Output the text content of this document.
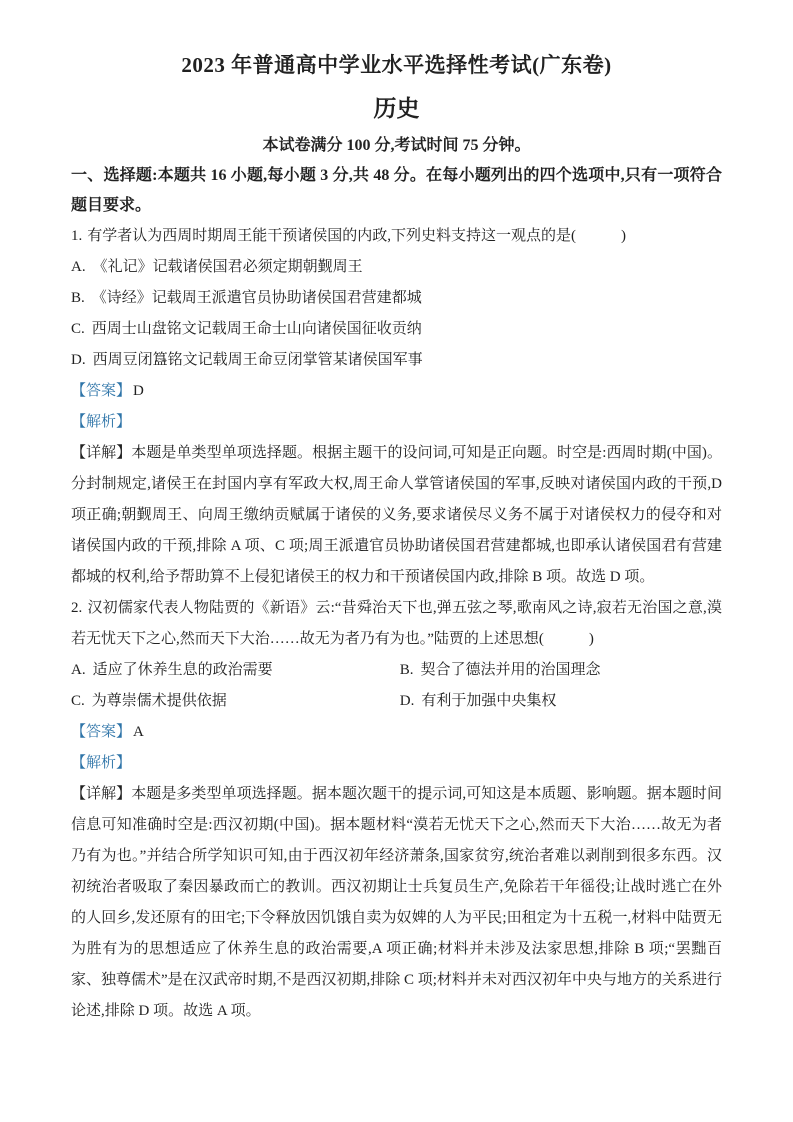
2023 年普通高中学业水平选择性考试(广东卷)
历史
本试卷满分 100 分,考试时间 75 分钟。
一、选择题:本题共 16 小题,每小题 3 分,共 48 分。在每小题列出的四个选项中,只有一项符合题目要求。

1. 有学者认为西周时期周王能干预诸侯国的内政,下列史料支持这一观点的是(　　　)

A. 《礼记》记载诸侯国君必须定期朝觐周王

B. 《诗经》记载周王派遣官员协助诸侯国君营建都城

C. 西周士山盘铭文记载周王命士山向诸侯国征收贡纳

D. 西周豆闭簋铭文记载周王命豆闭掌管某诸侯国军事

【答案】 D

【解析】

【详解】本题是单类型单项选择题。根据主题干的设问词,可知是正向题。时空是:西周时期(中国)。分封制规定,诸侯王在封国内享有军政大权,周王命人掌管诸侯国的军事,反映对诸侯国内政的干预,D 项正确;朝觐周王、向周王缴纳贡赋属于诸侯的义务,要求诸侯尽义务不属于对诸侯权力的侵夺和对诸侯国内政的干预,排除 A 项、C 项;周王派遣官员协助诸侯国君营建都城,也即承认诸侯国君有营建都城的权利,给予帮助算不上侵犯诸侯王的权力和干预诸侯国内政,排除 B 项。故选 D 项。

2. 汉初儒家代表人物陆贾的《新语》云:“昔舜治天下也,弹五弦之琴,歌南风之诗,寂若无治国之意,漠若无忧天下之心,然而天下大治……故无为者乃有为也。”陆贾的上述思想(　　　)

A. 适应了休养生息的政治需要	B. 契合了德法并用的治国理念

C. 为尊崇儒术提供依据	D. 有利于加强中央集权

【答案】 A

【解析】

【详解】本题是多类型单项选择题。据本题次题干的提示词,可知这是本质题、影响题。据本题时间信息可知准确时空是:西汉初期(中国)。据本题材料“漠若无忧天下之心,然而天下大治……故无为者乃有为也。”并结合所学知识可知,由于西汉初年经济萧条,国家贫穷,统治者难以剥削到很多东西。汉初统治者吸取了秦因暴政而亡的教训。西汉初期让士兵复员生产,免除若干年徭役;让战时逃亡在外的人回乡,发还原有的田宅;下令释放因饥饿自卖为奴婢的人为平民;田租定为十五税一,材料中陆贾无为胜有为的思想适应了休养生息的政治需要,A 项正确;材料并未涉及法家思想,排除 B 项;“罢黜百家、独尊儒术”是在汉武帝时期,不是西汉初期,排除 C 项;材料并未对西汉初年中央与地方的关系进行论述,排除 D 项。故选 A 项。
